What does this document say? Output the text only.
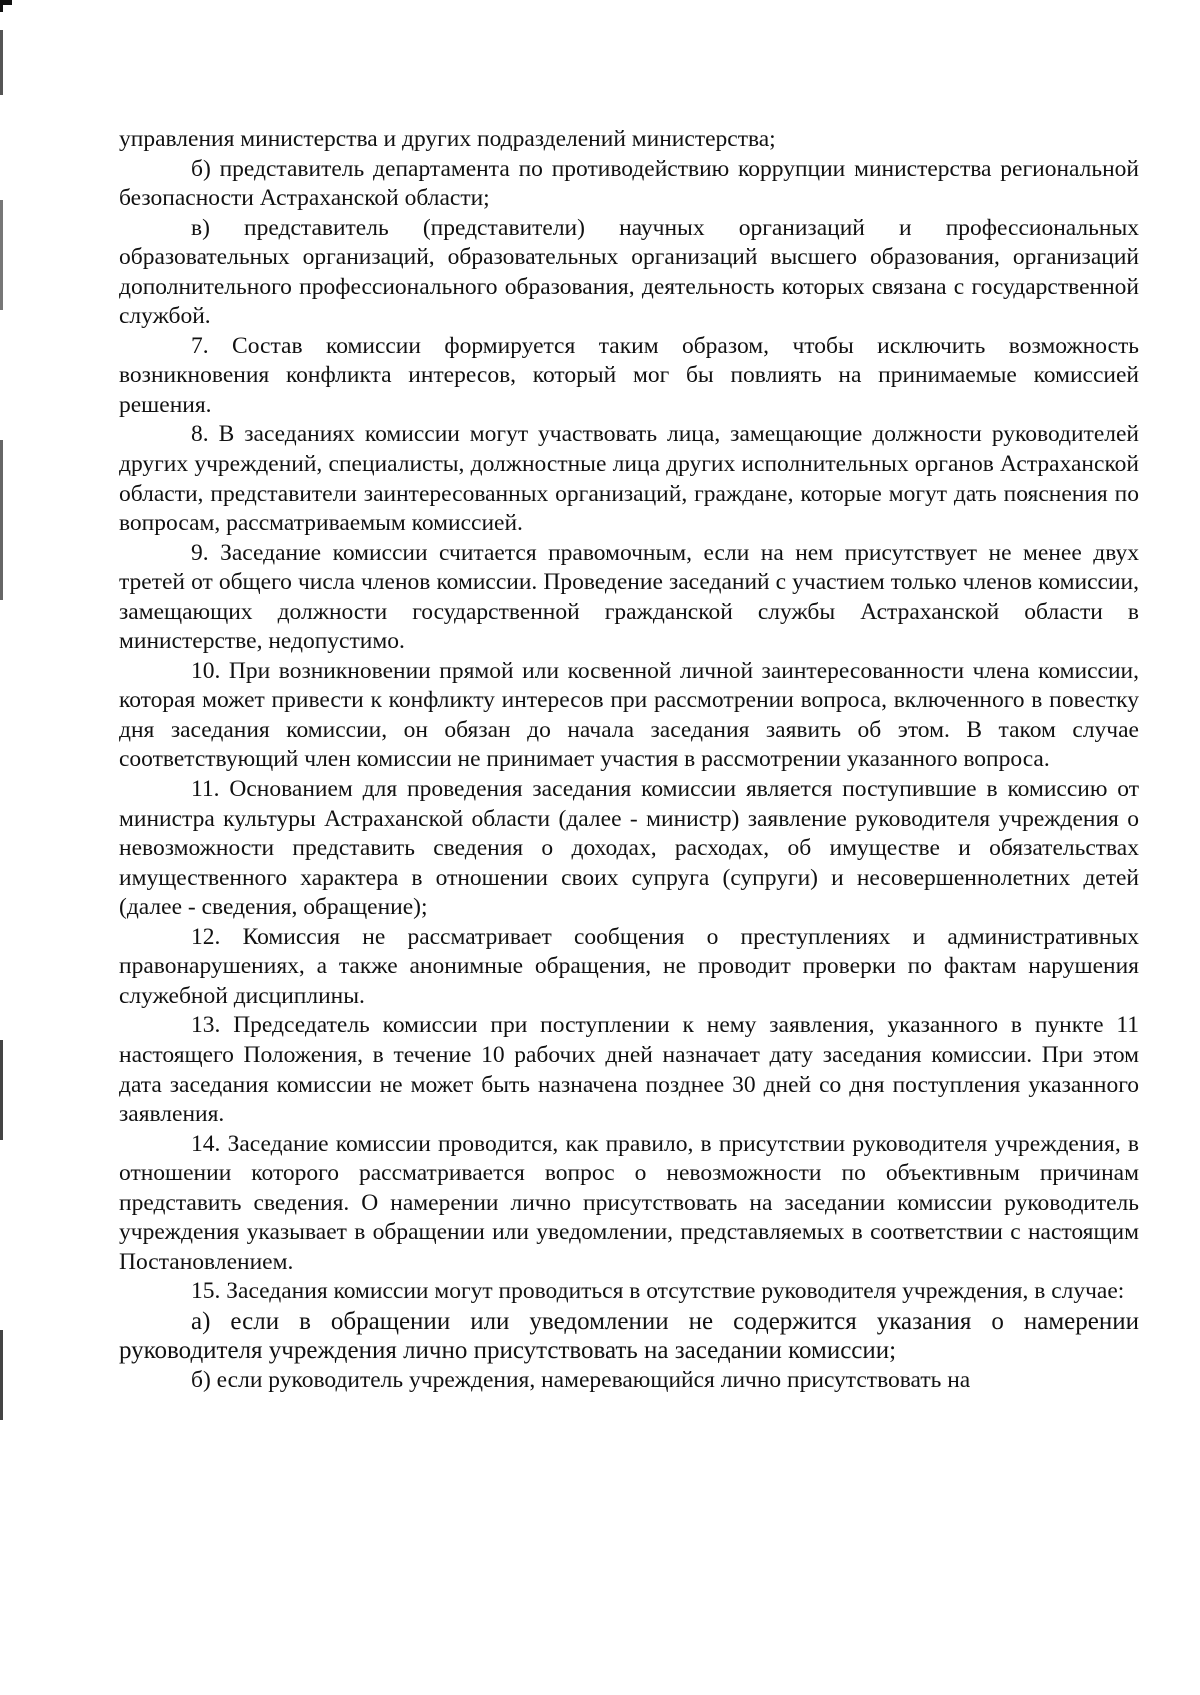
управления министерства и других подразделений министерства;

б) представитель департамента по противодействию коррупции министерства региональной безопасности Астраханской области;

в) представитель (представители) научных организаций и профессиональных образовательных организаций, образовательных организаций высшего образования, организаций дополнительного профессионального образования, деятельность которых связана с государственной службой.

7. Состав комиссии формируется таким образом, чтобы исключить возможность возникновения конфликта интересов, который мог бы повлиять на принимаемые комиссией решения.

8. В заседаниях комиссии могут участвовать лица, замещающие должности руководителей других учреждений, специалисты, должностные лица других исполнительных органов Астраханской области, представители заинтересованных организаций, граждане, которые могут дать пояснения по вопросам, рассматриваемым комиссией.

9. Заседание комиссии считается правомочным, если на нем присутствует не менее двух третей от общего числа членов комиссии. Проведение заседаний с участием только членов комиссии, замещающих должности государственной гражданской службы Астраханской области в министерстве, недопустимо.

10. При возникновении прямой или косвенной личной заинтересованности члена комиссии, которая может привести к конфликту интересов при рассмотрении вопроса, включенного в повестку дня заседания комиссии, он обязан до начала заседания заявить об этом. В таком случае соответствующий член комиссии не принимает участия в рассмотрении указанного вопроса.

11. Основанием для проведения заседания комиссии является поступившие в комиссию от министра культуры Астраханской области (далее - министр) заявление руководителя учреждения о невозможности представить сведения о доходах, расходах, об имуществе и обязательствах имущественного характера в отношении своих супруга (супруги) и несовершеннолетних детей (далее - сведения, обращение);

12. Комиссия не рассматривает сообщения о преступлениях и административных правонарушениях, а также анонимные обращения, не проводит проверки по фактам нарушения служебной дисциплины.

13. Председатель комиссии при поступлении к нему заявления, указанного в пункте 11 настоящего Положения, в течение 10 рабочих дней назначает дату заседания комиссии. При этом дата заседания комиссии не может быть назначена позднее 30 дней со дня поступления указанного заявления.

14. Заседание комиссии проводится, как правило, в присутствии руководителя учреждения, в отношении которого рассматривается вопрос о невозможности по объективным причинам представить сведения. О намерении лично присутствовать на заседании комиссии руководитель учреждения указывает в обращении или уведомлении, представляемых в соответствии с настоящим Постановлением.

15. Заседания комиссии могут проводиться в отсутствие руководителя учреждения, в случае:

а) если в обращении или уведомлении не содержится указания о намерении руководителя учреждения лично присутствовать на заседании комиссии;

б) если руководитель учреждения, намеревающийся лично присутствовать на
